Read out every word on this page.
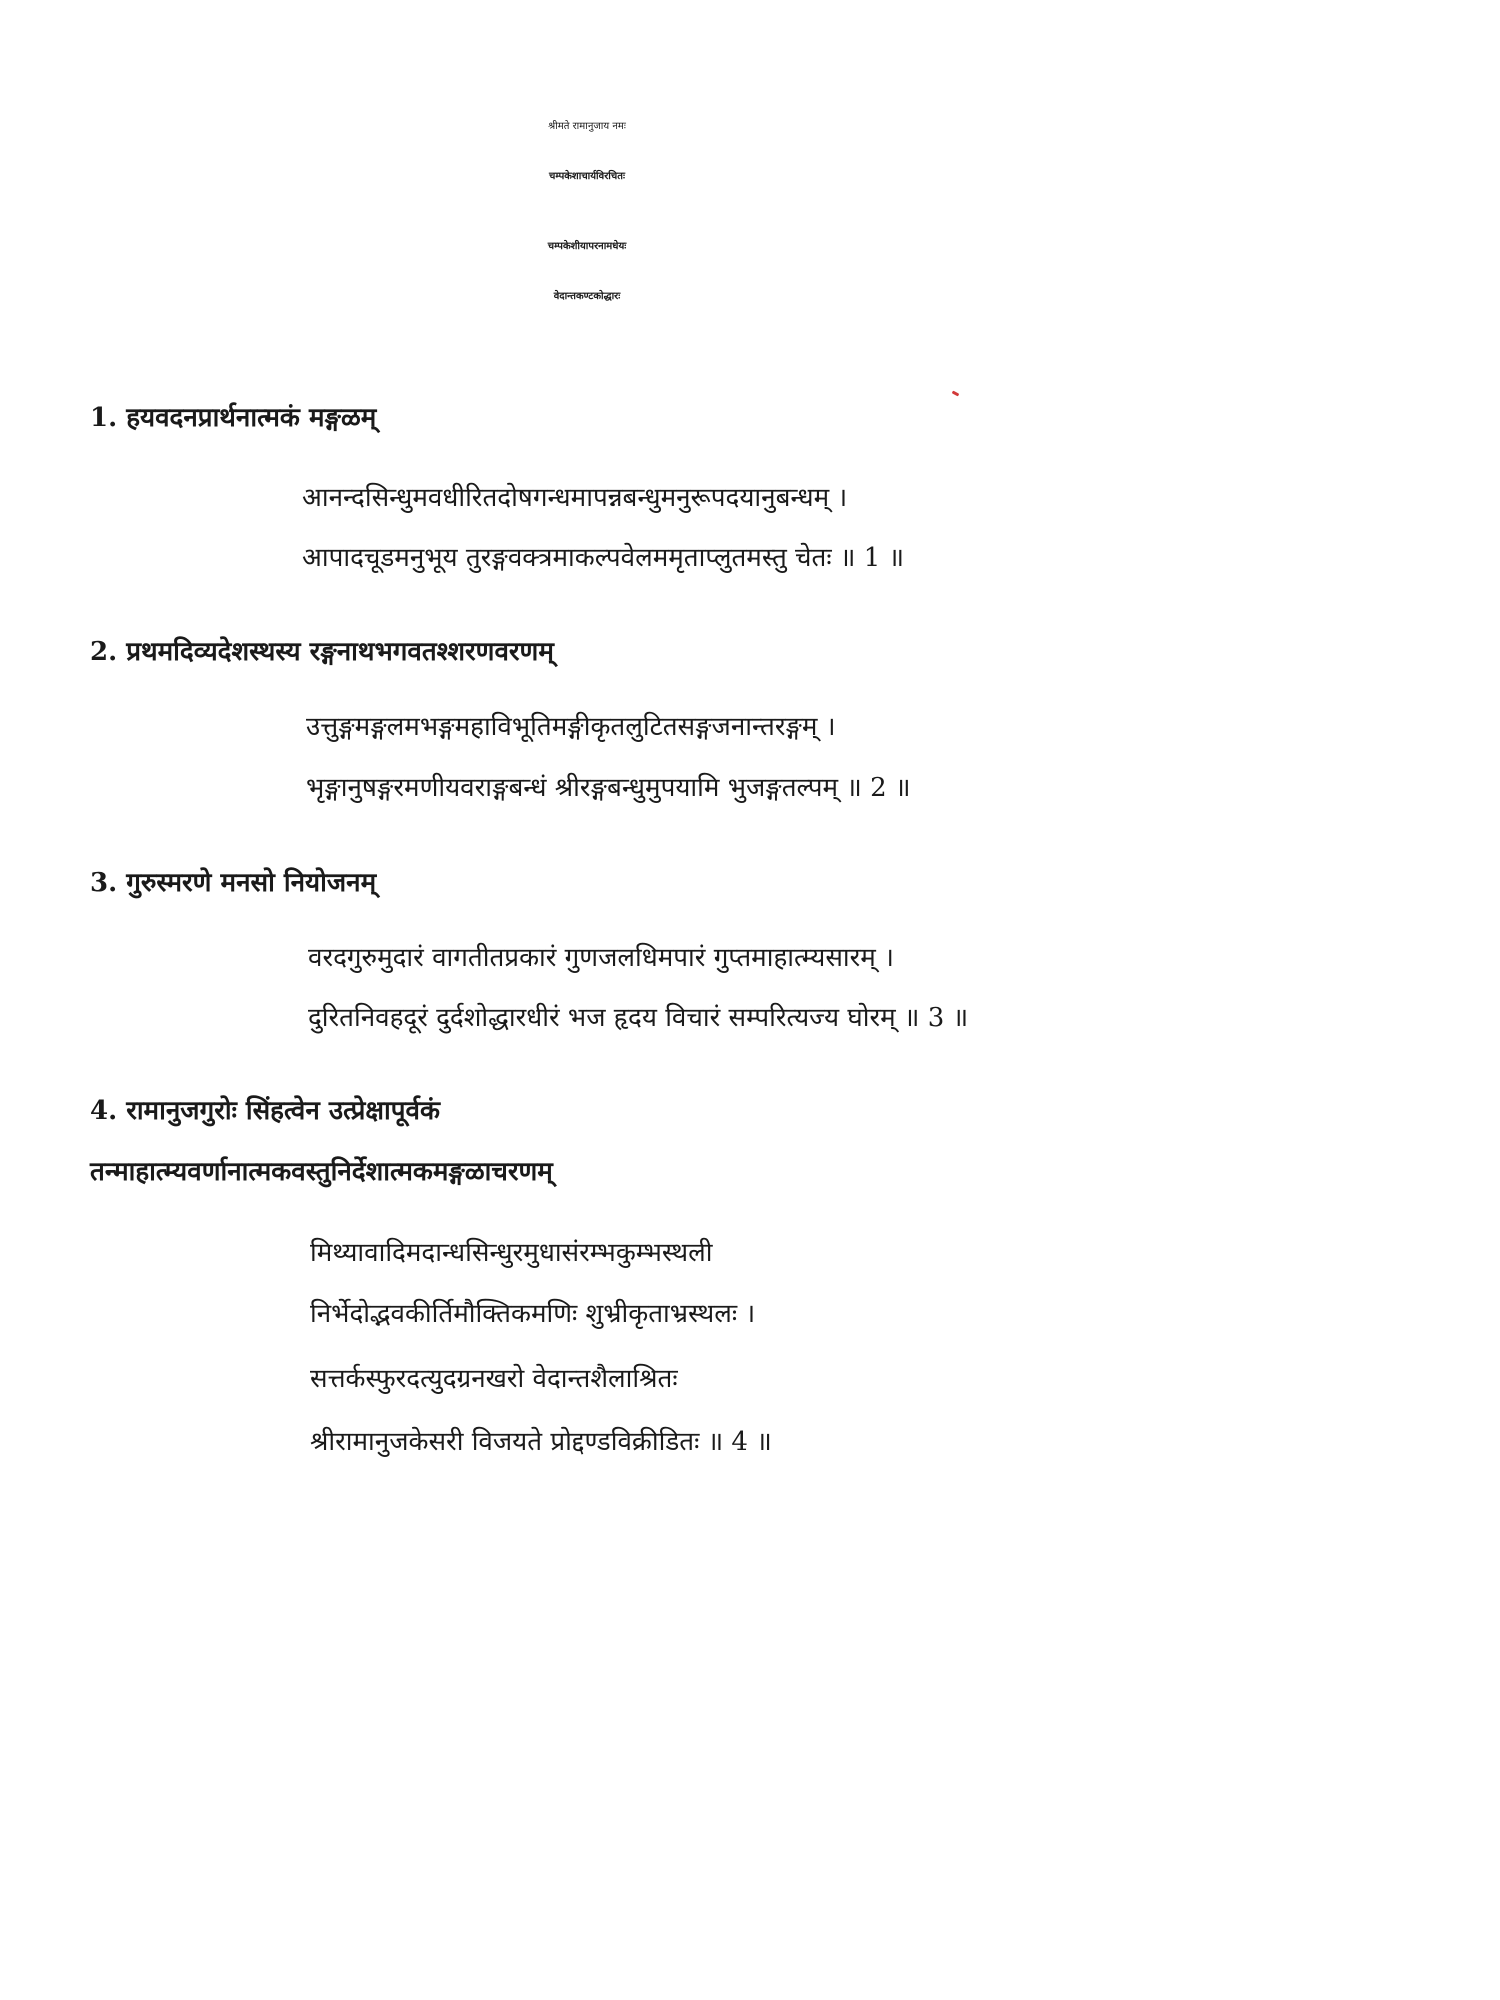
श्रीमते रामानुजाय नमः
चम्पकेशाचार्यविरचितः
चम्पकेशीयापरनामधेयः
वेदान्तकण्टकोद्धारः
1. हयवदनप्रार्थनात्मकं मङ्गळम्
आनन्दसिन्धुमवधीरितदोषगन्धमापन्नबन्धुमनुरूपदयानुबन्धम् ।
आपादचूडमनुभूय तुरङ्गवक्त्रमाकल्पवेलममृताप्लुतमस्तु चेतः ॥ 1 ॥
2. प्रथमदिव्यदेशस्थस्य रङ्गनाथभगवतश्शरणवरणम्
उत्तुङ्गमङ्गलमभङ्गमहाविभूतिमङ्गीकृतलुटितसङ्गजनान्तरङ्गम् ।
भृङ्गानुषङ्गरमणीयवराङ्गबन्धं श्रीरङ्गबन्धुमुपयामि भुजङ्गतल्पम् ॥ 2 ॥
3. गुरुस्मरणे मनसो नियोजनम्
वरदगुरुमुदारं वागतीतप्रकारं गुणजलधिमपारं गुप्तमाहात्म्यसारम् ।
दुरितनिवहदूरं दुर्दशोद्धारधीरं भज हृदय विचारं सम्परित्यज्य घोरम् ॥ 3 ॥
4. रामानुजगुरोः सिंहत्वेन उत्प्रेक्षापूर्वकं
तन्माहात्म्यवर्णानात्मकवस्तुनिर्देशात्मकमङ्गळाचरणम्
मिथ्यावादिमदान्धसिन्धुरमुधासंरम्भकुम्भस्थली
निर्भेदोद्भवकीर्तिमौक्तिकमणिः शुभ्रीकृताभ्रस्थलः ।
सत्तर्कस्फुरदत्युदग्रनखरो वेदान्तशैलाश्रितः
श्रीरामानुजकेसरी विजयते प्रोद्दण्डविक्रीडितः ॥ 4 ॥
